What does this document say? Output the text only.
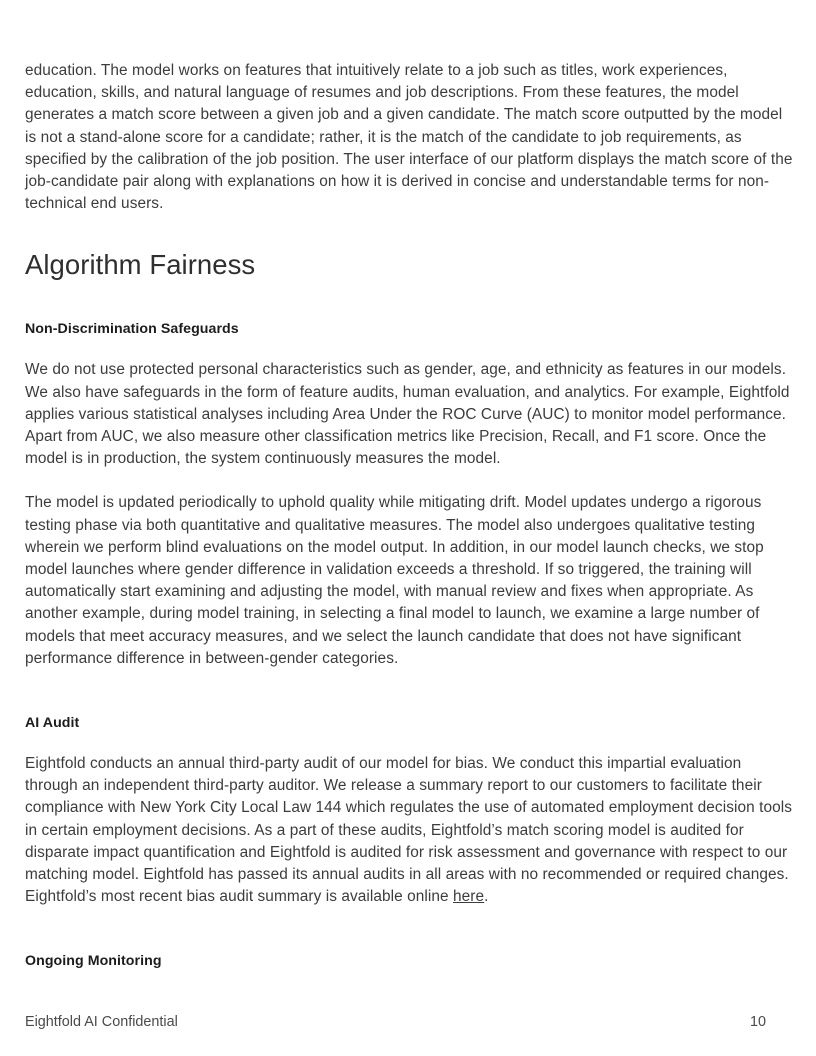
education. The model works on features that intuitively relate to a job such as titles, work experiences, education, skills, and natural language of resumes and job descriptions. From these features, the model generates a match score between a given job and a given candidate. The match score outputted by the model is not a stand-alone score for a candidate; rather, it is the match of the candidate to job requirements, as specified by the calibration of the job position. The user interface of our platform displays the match score of the job-candidate pair along with explanations on how it is derived in concise and understandable terms for non-technical end users.

Algorithm Fairness
Non-Discrimination Safeguards

We do not use protected personal characteristics such as gender, age, and ethnicity as features in our models. We also have safeguards in the form of feature audits, human evaluation, and analytics. For example, Eightfold applies various statistical analyses including Area Under the ROC Curve (AUC) to monitor model performance. Apart from AUC, we also measure other classification metrics like Precision, Recall, and F1 score. Once the model is in production, the system continuously measures the model.

The model is updated periodically to uphold quality while mitigating drift. Model updates undergo a rigorous testing phase via both quantitative and qualitative measures. The model also undergoes qualitative testing wherein we perform blind evaluations on the model output. In addition, in our model launch checks, we stop model launches where gender difference in validation exceeds a threshold. If so triggered, the training will automatically start examining and adjusting the model, with manual review and fixes when appropriate. As another example, during model training, in selecting a final model to launch, we examine a large number of models that meet accuracy measures, and we select the launch candidate that does not have significant performance difference in between-gender categories.

AI Audit

Eightfold conducts an annual third-party audit of our model for bias. We conduct this impartial evaluation through an independent third-party auditor. We release a summary report to our customers to facilitate their compliance with New York City Local Law 144 which regulates the use of automated employment decision tools in certain employment decisions. As a part of these audits, Eightfold’s match scoring model is audited for disparate impact quantification and Eightfold is audited for risk assessment and governance with respect to our matching model. Eightfold has passed its annual audits in all areas with no recommended or required changes. Eightfold’s most recent bias audit summary is available online here.

Ongoing Monitoring
Eightfold AI Confidential	10
